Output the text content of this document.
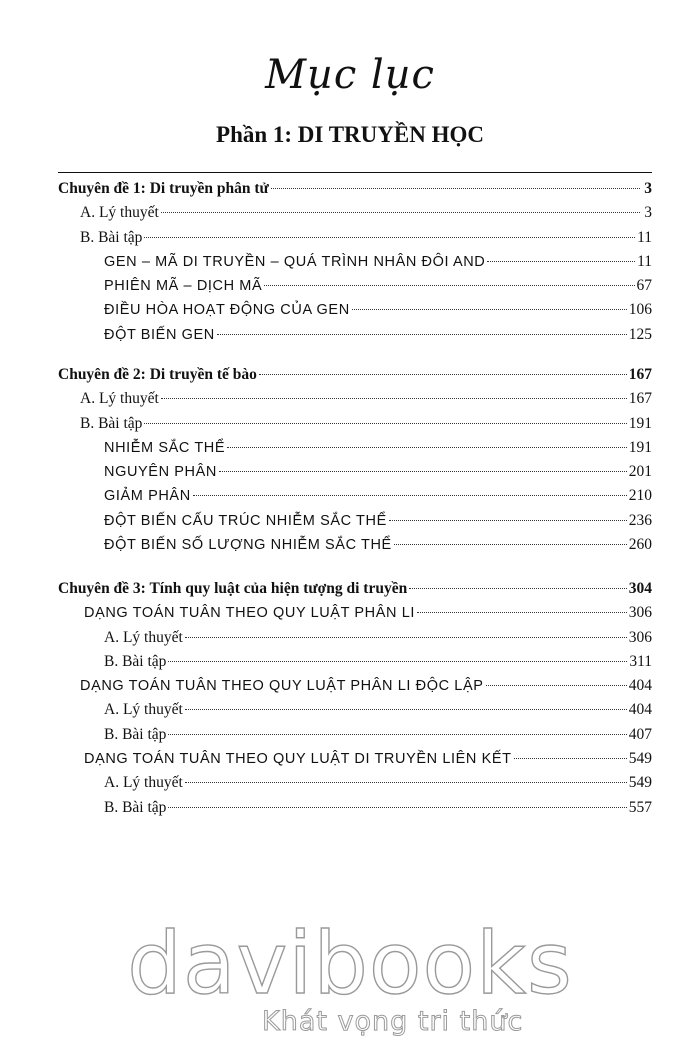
Mục lục
Phần 1: DI TRUYỀN HỌC
Chuyên đề 1: Di truyền phân tử	3
A. Lý thuyết	3
B. Bài tập	11
GEN – MÃ DI TRUYỀN – QUÁ TRÌNH NHÂN ĐÔI AND	11
PHIÊN MÃ – DỊCH MÃ	67
ĐIỀU HÒA HOẠT ĐỘNG CỦA GEN	106
ĐỘT BIẾN GEN	125
Chuyên đề 2: Di truyền tế bào	167
A. Lý thuyết	167
B. Bài tập	191
NHIỄM SẮC THỂ	191
NGUYÊN PHÂN	201
GIẢM PHÂN	210
ĐỘT BIẾN CẤU TRÚC NHIỄM SẮC THỂ	236
ĐỘT BIẾN SỐ LƯỢNG NHIỄM SẮC THỂ	260
Chuyên đề 3: Tính quy luật của hiện tượng di truyền	304
DẠNG TOÁN TUÂN THEO QUY LUẬT PHÂN LI	306
A. Lý thuyết	306
B. Bài tập	311
DẠNG TOÁN TUÂN THEO QUY LUẬT PHÂN LI ĐỘC LẬP	404
A. Lý thuyết	404
B. Bài tập	407
DẠNG TOÁN TUÂN THEO QUY LUẬT DI TRUYỀN LIÊN KẾT	549
A. Lý thuyết	549
B. Bài tập	557
davibooks
Khát vọng tri thức
